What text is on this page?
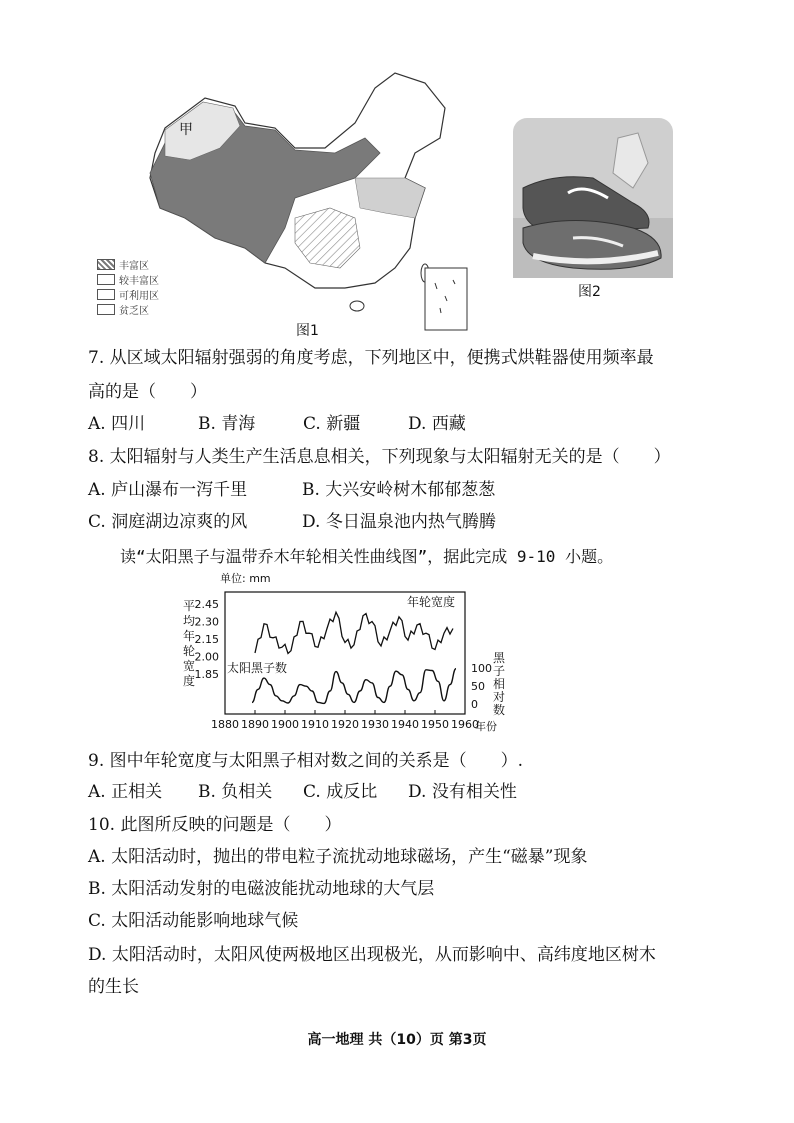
甲
丰富区
较丰富区
可利用区
贫乏区
图1
图2
7. 从区域太阳辐射强弱的角度考虑，下列地区中，便携式烘鞋器使用频率最
高的是（　　）
A. 四川	B. 青海	C. 新疆	D. 西藏
8. 太阳辐射与人类生产生活息息相关，下列现象与太阳辐射无关的是（　　）
A. 庐山瀑布一泻千里	B. 大兴安岭树木郁郁葱葱
C. 洞庭湖边凉爽的风	D. 冬日温泉池内热气腾腾
读“太阳黑子与温带乔木年轮相关性曲线图”，据此完成 9-10 小题。
单位: mm
平
均
年
轮
宽
度
黑
子
相
对
数
1880 1890 1900 1910 1920 1930 1940 1950 1960
2.45
2.30
2.15
2.00
1.85	100
50
0
年轮宽度
太阳黑子数
年份
9. 图中年轮宽度与太阳黑子相对数之间的关系是（　　）.
A. 正相关 B. 负相关 C. 成反比 D. 没有相关性
10. 此图所反映的问题是（　　）
A. 太阳活动时，抛出的带电粒子流扰动地球磁场，产生“磁暴”现象
B. 太阳活动发射的电磁波能扰动地球的大气层
C. 太阳活动能影响地球气候
D. 太阳活动时，太阳风使两极地区出现极光，从而影响中、高纬度地区树木
的生长
高一地理 共（10）页 第3页
